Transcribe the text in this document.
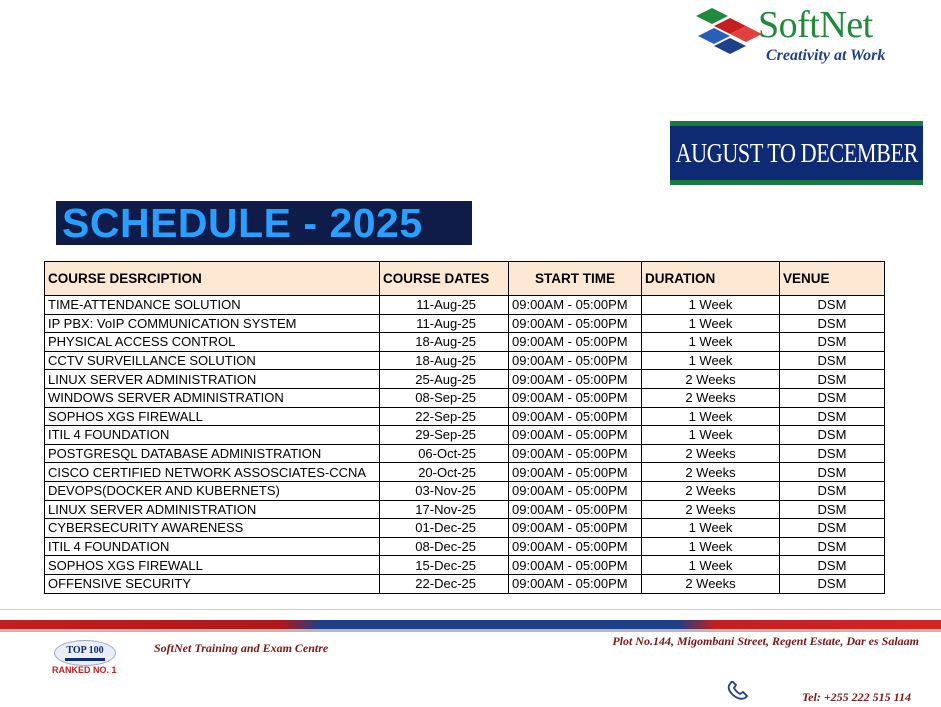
SoftNet
Creativity at Work
AUGUST TO DECEMBER
SCHEDULE - 2025
COURSE DESRCIPTION	COURSE DATES	START TIME	DURATION	VENUE
TIME-ATTENDANCE SOLUTION	11-Aug-25	09:00AM - 05:00PM	1 Week	DSM
IP PBX: VoIP COMMUNICATION SYSTEM	11-Aug-25	09:00AM - 05:00PM	1 Week	DSM
PHYSICAL ACCESS CONTROL	18-Aug-25	09:00AM - 05:00PM	1 Week	DSM
CCTV SURVEILLANCE SOLUTION	18-Aug-25	09:00AM - 05:00PM	1 Week	DSM
LINUX SERVER ADMINISTRATION	25-Aug-25	09:00AM - 05:00PM	2 Weeks	DSM
WINDOWS SERVER ADMINISTRATION	08-Sep-25	09:00AM - 05:00PM	2 Weeks	DSM
SOPHOS XGS FIREWALL	22-Sep-25	09:00AM - 05:00PM	1 Week	DSM
ITIL 4 FOUNDATION	29-Sep-25	09:00AM - 05:00PM	1 Week	DSM
POSTGRESQL DATABASE ADMINISTRATION	06-Oct-25	09:00AM - 05:00PM	2 Weeks	DSM
CISCO CERTIFIED NETWORK ASSOSCIATES-CCNA	20-Oct-25	09:00AM - 05:00PM	2 Weeks	DSM
DEVOPS(DOCKER AND KUBERNETS)	03-Nov-25	09:00AM - 05:00PM	2 Weeks	DSM
LINUX SERVER ADMINISTRATION	17-Nov-25	09:00AM - 05:00PM	2 Weeks	DSM
CYBERSECURITY AWARENESS	01-Dec-25	09:00AM - 05:00PM	1 Week	DSM
ITIL 4 FOUNDATION	08-Dec-25	09:00AM - 05:00PM	1 Week	DSM
SOPHOS XGS FIREWALL	15-Dec-25	09:00AM - 05:00PM	1 Week	DSM
OFFENSIVE SECURITY	22-Dec-25	09:00AM - 05:00PM	2 Weeks	DSM
TOP 100
RANKED NO. 1
SoftNet Training and Exam Centre	Plot No.144, Migombani Street, Regent Estate, Dar es Salaam
Tel: +255 222 515 114
